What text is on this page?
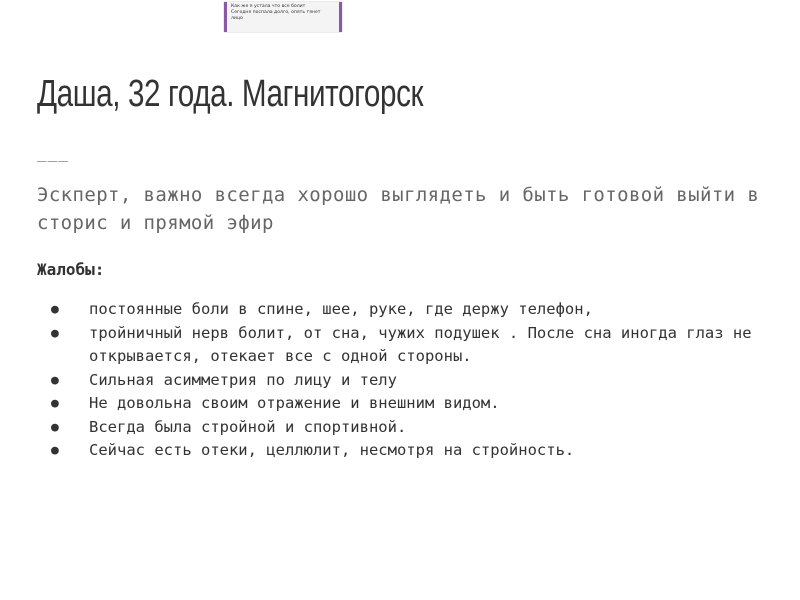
Как же я устала что все болит
Сегодня поспала долго, опять тянет
лицо
Даша, 32 года. Магнитогорск
___

Эскперт, важно всегда хорошо выглядеть и быть готовой выйти в сторис и прямой эфир

Жалобы:
● постоянные боли в спине, шее, руке, где держу телефон,
● тройничный нерв болит, от сна, чужих подушек . После сна иногда глаз не открывается, отекает все с одной стороны.
● Сильная асимметрия по лицу и телу
● Не довольна своим отражение и внешним видом.
● Всегда была стройной и спортивной.
● Сейчас есть отеки, целлюлит, несмотря на стройность.
